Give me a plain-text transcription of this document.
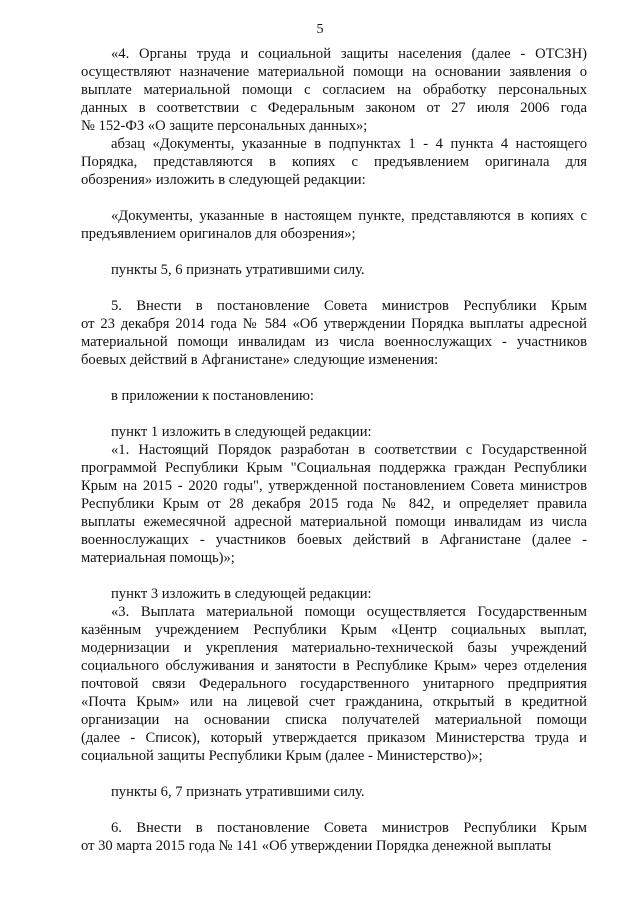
5
«4. Органы труда и социальной защиты населения (далее - ОТСЗН)
осуществляют назначение материальной помощи на основании заявления о
выплате материальной помощи с согласием на обработку персональных
данных в соответствии с Федеральным законом от 27 июля 2006 года
№ 152-ФЗ «О защите персональных данных»;
абзац «Документы, указанные в подпунктах 1 - 4 пункта 4 настоящего
Порядка, представляются в копиях с предъявлением оригинала для
обозрения» изложить в следующей редакции:
«Документы, указанные в настоящем пункте, представляются в копиях с
предъявлением оригиналов для обозрения»;
пункты 5, 6 признать утратившими силу.
5. Внести в постановление Совета министров Республики Крым
от 23 декабря 2014 года № 584 «Об утверждении Порядка выплаты адресной
материальной помощи инвалидам из числа военнослужащих - участников
боевых действий в Афганистане» следующие изменения:
в приложении к постановлению:
пункт 1 изложить в следующей редакции:
«1. Настоящий Порядок разработан в соответствии с Государственной
программой Республики Крым "Социальная поддержка граждан Республики
Крым на 2015 - 2020 годы", утвержденной постановлением Совета министров
Республики Крым от 28 декабря 2015 года № 842, и определяет правила
выплаты ежемесячной адресной материальной помощи инвалидам из числа
военнослужащих - участников боевых действий в Афганистане (далее -
материальная помощь)»;
пункт 3 изложить в следующей редакции:
«3. Выплата материальной помощи осуществляется Государственным
казённым учреждением Республики Крым «Центр социальных выплат,
модернизации и укрепления материально-технической базы учреждений
социального обслуживания и занятости в Республике Крым» через отделения
почтовой связи Федерального государственного унитарного предприятия
«Почта Крым» или на лицевой счет гражданина, открытый в кредитной
организации на основании списка получателей материальной помощи
(далее - Список), который утверждается приказом Министерства труда и
социальной защиты Республики Крым (далее - Министерство)»;
пункты 6, 7 признать утратившими силу.
6. Внести в постановление Совета министров Республики Крым
от 30 марта 2015 года № 141 «Об утверждении Порядка денежной выплаты
